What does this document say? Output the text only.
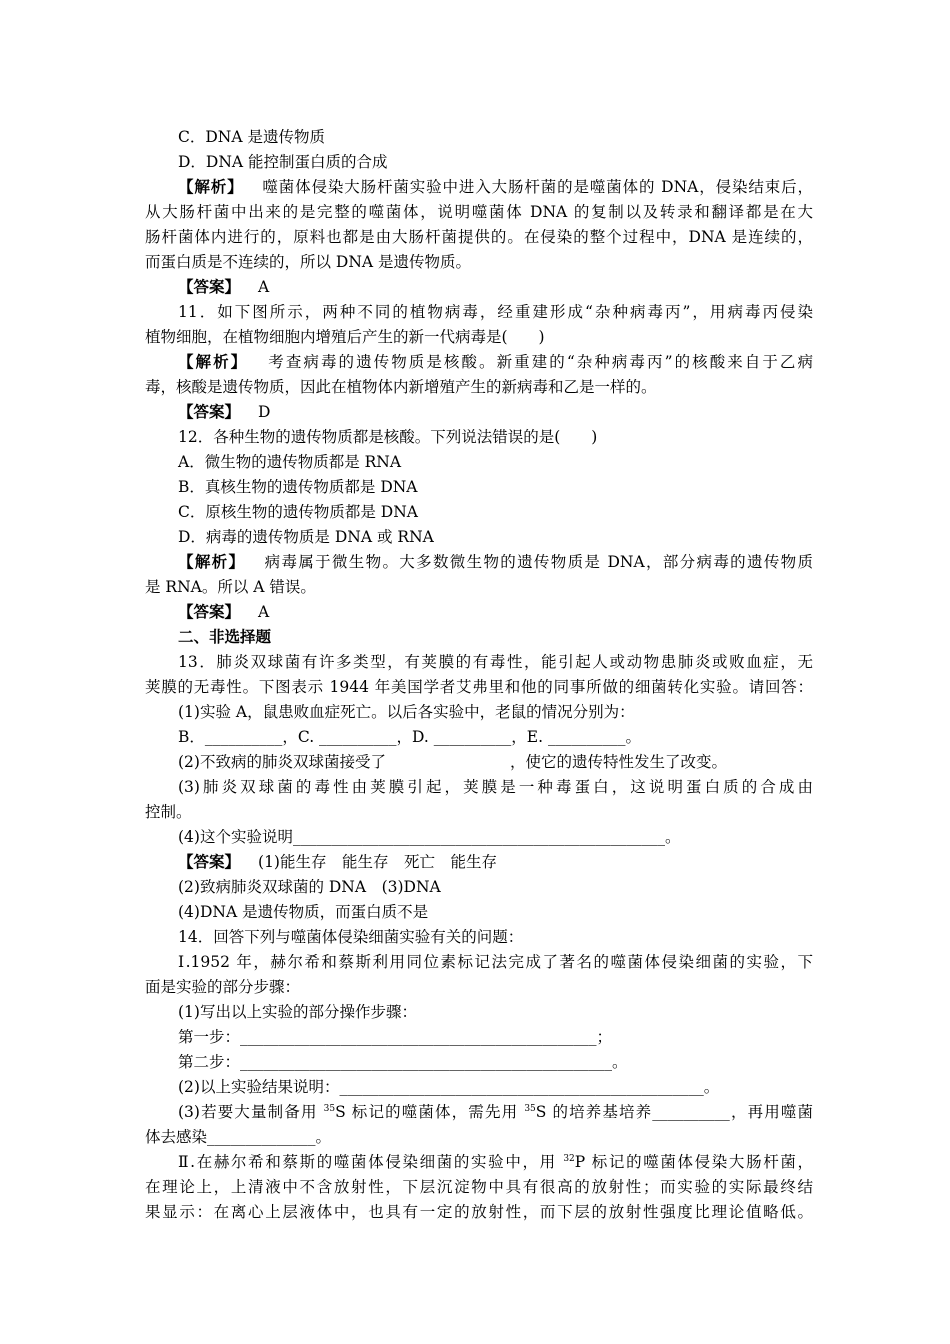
C．DNA 是遗传物质
D．DNA 能控制蛋白质的合成
【解析】 噬菌体侵染大肠杆菌实验中进入大肠杆菌的是噬菌体的 DNA，侵染结束后，
从大肠杆菌中出来的是完整的噬菌体，说明噬菌体 DNA 的复制以及转录和翻译都是在大
肠杆菌体内进行的，原料也都是由大肠杆菌提供的。在侵染的整个过程中，DNA 是连续的，
而蛋白质是不连续的，所以 DNA 是遗传物质。
【答案】 A
11．如下图所示，两种不同的植物病毒，经重建形成“杂种病毒丙”，用病毒丙侵染
植物细胞，在植物细胞内增殖后产生的新一代病毒是(　　)
【解析】 考查病毒的遗传物质是核酸。新重建的“杂种病毒丙”的核酸来自于乙病
毒，核酸是遗传物质，因此在植物体内新增殖产生的新病毒和乙是一样的。
【答案】 D
12．各种生物的遗传物质都是核酸。下列说法错误的是(　　)
A．微生物的遗传物质都是 RNA
B．真核生物的遗传物质都是 DNA
C．原核生物的遗传物质都是 DNA
D．病毒的遗传物质是 DNA 或 RNA
【解析】 病毒属于微生物。大多数微生物的遗传物质是 DNA，部分病毒的遗传物质
是 RNA。所以 A 错误。
【答案】 A
二、非选择题
13．肺炎双球菌有许多类型，有荚膜的有毒性，能引起人或动物患肺炎或败血症，无
荚膜的无毒性。下图表示 1944 年美国学者艾弗里和他的同事所做的细菌转化实验。请回答：
(1)实验 A，鼠患败血症死亡。以后各实验中，老鼠的情况分别为：
B．__________，C. __________，D. __________，E. __________。
(2)不致病的肺炎双球菌接受了　　　　　　　　，使它的遗传特性发生了改变。
(3)肺炎双球菌的毒性由荚膜引起，荚膜是一种毒蛋白，这说明蛋白质的合成由
控制。
(4)这个实验说明________________________________________________。
【答案】 (1)能生存　能生存　死亡　能生存
(2)致病肺炎双球菌的 DNA　(3)DNA
(4)DNA 是遗传物质，而蛋白质不是
14．回答下列与噬菌体侵染细菌实验有关的问题：
Ⅰ.1952 年，赫尔希和蔡斯利用同位素标记法完成了著名的噬菌体侵染细菌的实验，下
面是实验的部分步骤：
(1)写出以上实验的部分操作步骤：
第一步：______________________________________________；
第二步：________________________________________________。
(2)以上实验结果说明：_______________________________________________。
(3)若要大量制备用 $^{35}$S 标记的噬菌体，需先用 $^{35}$S 的培养基培养__________，再用噬菌
体去感染______________。
Ⅱ.在赫尔希和蔡斯的噬菌体侵染细菌的实验中，用 $^{32}$P 标记的噬菌体侵染大肠杆菌，
在理论上，上清液中不含放射性，下层沉淀物中具有很高的放射性；而实验的实际最终结
果显示：在离心上层液体中，也具有一定的放射性，而下层的放射性强度比理论值略低。
